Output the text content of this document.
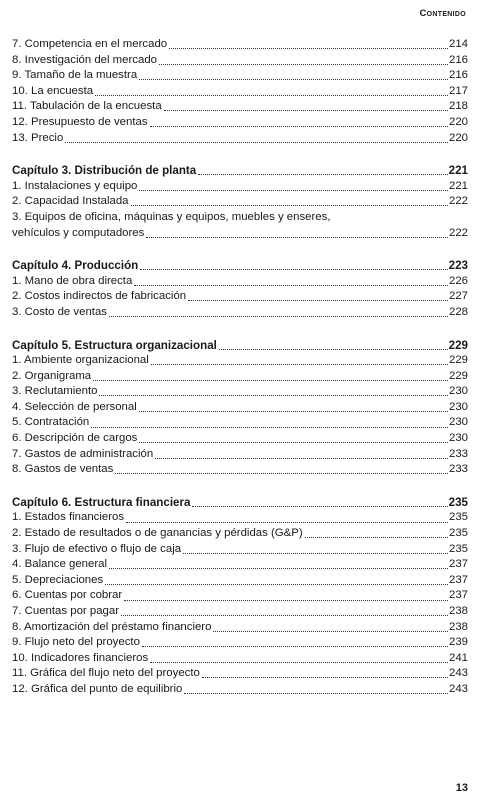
Contenido
7. Competencia en el mercado	214
8. Investigación del mercado	216
9. Tamaño de la muestra	216
10. La encuesta	217
11. Tabulación de la encuesta	218
12. Presupuesto de ventas	220
13. Precio	220
Capítulo 3. Distribución de planta	221
1. Instalaciones y equipo	221
2. Capacidad Instalada	222
3. Equipos de oficina, máquinas y equipos, muebles y enseres,
vehículos y computadores	222
Capítulo 4. Producción	223
1. Mano de obra directa	226
2. Costos indirectos de fabricación	227
3. Costo de ventas	228
Capítulo 5. Estructura organizacional	229
1. Ambiente organizacional	229
2. Organigrama	229
3. Reclutamiento	230
4. Selección de personal	230
5. Contratación	230
6. Descripción de cargos	230
7. Gastos de administración	233
8. Gastos de ventas	233
Capítulo 6. Estructura financiera	235
1. Estados financieros	235
2. Estado de resultados o de ganancias y pérdidas (G&P)	235
3. Flujo de efectivo o flujo de caja	235
4. Balance general	237
5. Depreciaciones	237
6. Cuentas por cobrar	237
7. Cuentas por pagar	238
8. Amortización del préstamo financiero	238
9. Flujo neto del proyecto	239
10. Indicadores financieros	241
11. Gráfica del flujo neto del proyecto	243
12. Gráfica del punto de equilibrio	243
13
